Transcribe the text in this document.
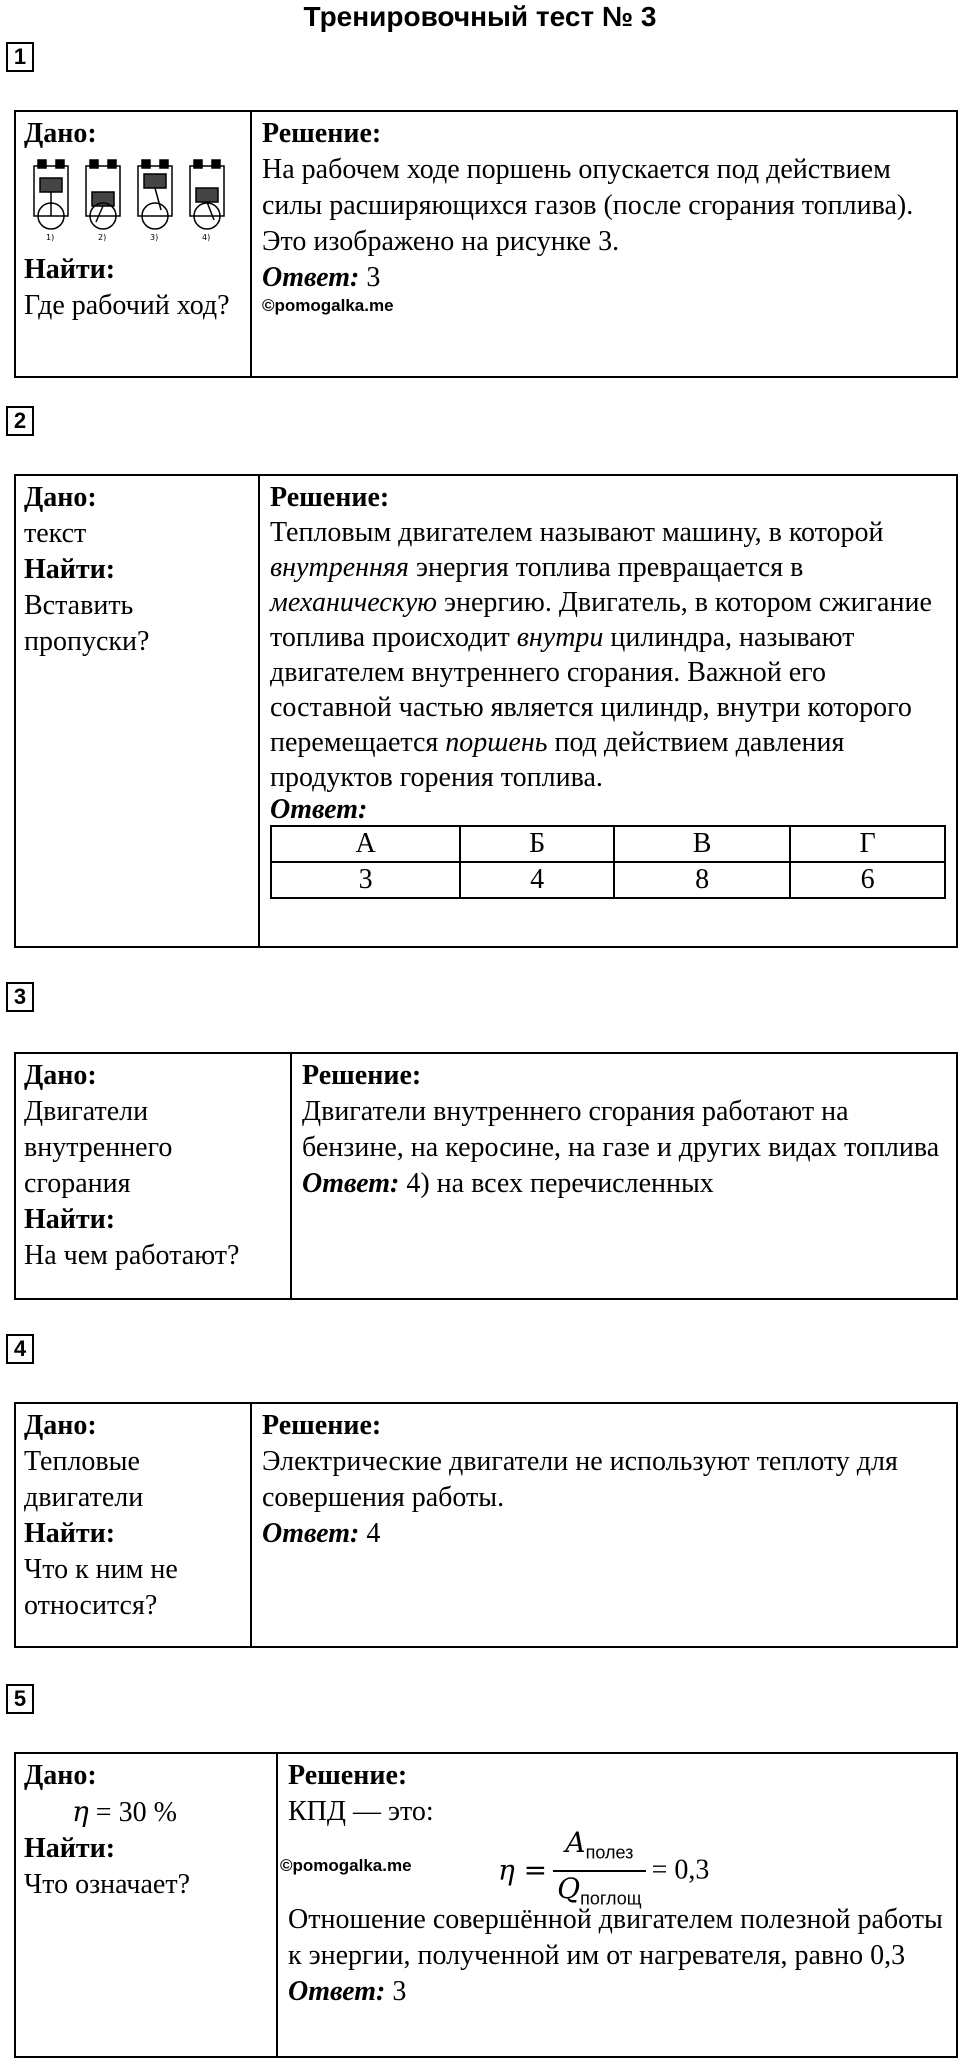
Тренировочный тест № 3
1
Дано:
1)	2)	3)	4)
Найти:
Где рабочий ход?
Решение:
На рабочем ходе поршень опускается под действием силы расширяющихся газов (после сгорания топлива). Это изображено на рисунке 3.
Ответ: 3
©pomogalka.me
2
Дано:
текст
Найти:
Вставить пропуски?
Решение:
Тепловым двигателем называют машину, в которой внутренняя энергия топлива превращается в механическую энергию. Двигатель, в котором сжигание топлива происходит внутри цилиндра, называют двигателем внутреннего сгорания. Важной его составной частью является цилиндр, внутри которого перемещается поршень под действием давления продуктов горения топлива.
Ответ:
А	Б	В	Г
3	4	8	6
3
Дано:
Двигатели внутреннего сгорания
Найти:
На чем работают?
Решение:
Двигатели внутреннего сгорания работают на бензине, на керосине, на газе и других видах топлива
Ответ: 4) на всех перечисленных
4
Дано:
Тепловые двигатели
Найти:
Что к ним не относится?
Решение:
Электрические двигатели не используют теплоту для совершения работы.
Ответ: 4
5
Дано:
η = 30 %
Найти:
Что означает?
Решение:
КПД — это:
©pomogalka.me	$\eta = \frac{A_{полез}}{Q_{поглощ}} = 0,3$
Отношение совершённой двигателем полезной работы к энергии, полученной им от нагревателя, равно 0,3
Ответ: 3
